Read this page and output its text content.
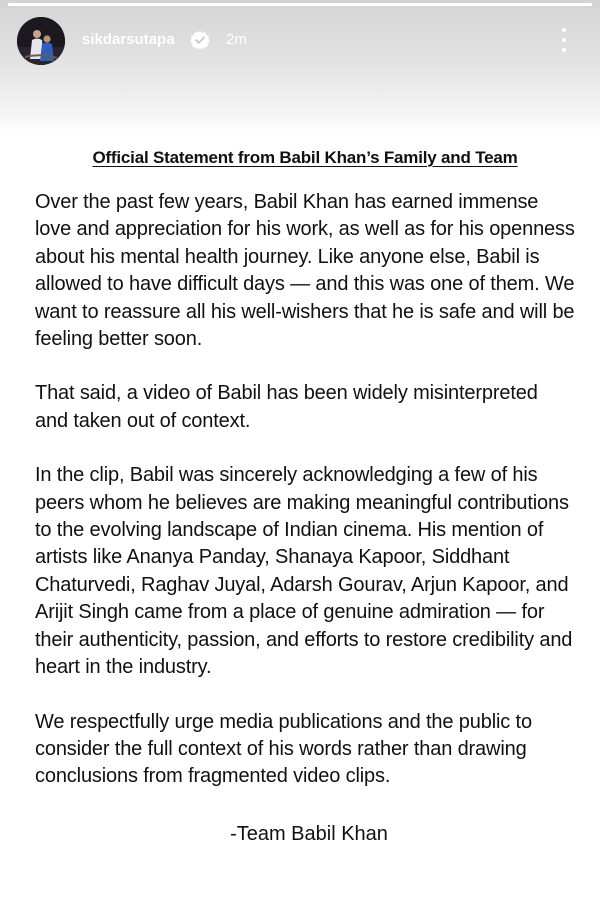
sikdarsutapa	2m
Official Statement from Babil Khan’s Family and Team

Over the past few years, Babil Khan has earned immense love and appreciation for his work, as well as for his openness about his mental health journey. Like anyone else, Babil is allowed to have difficult days — and this was one of them. We want to reassure all his well-wishers that he is safe and will be feeling better soon.

That said, a video of Babil has been widely misinterpreted and taken out of context.

In the clip, Babil was sincerely acknowledging a few of his peers whom he believes are making meaningful contributions to the evolving landscape of Indian cinema. His mention of artists like Ananya Panday, Shanaya Kapoor, Siddhant Chaturvedi, Raghav Juyal, Adarsh Gourav, Arjun Kapoor, and Arijit Singh came from a place of genuine admiration — for their authenticity, passion, and efforts to restore credibility and heart in the industry.

We respectfully urge media publications and the public to consider the full context of his words rather than drawing conclusions from fragmented video clips.

-Team Babil Khan
